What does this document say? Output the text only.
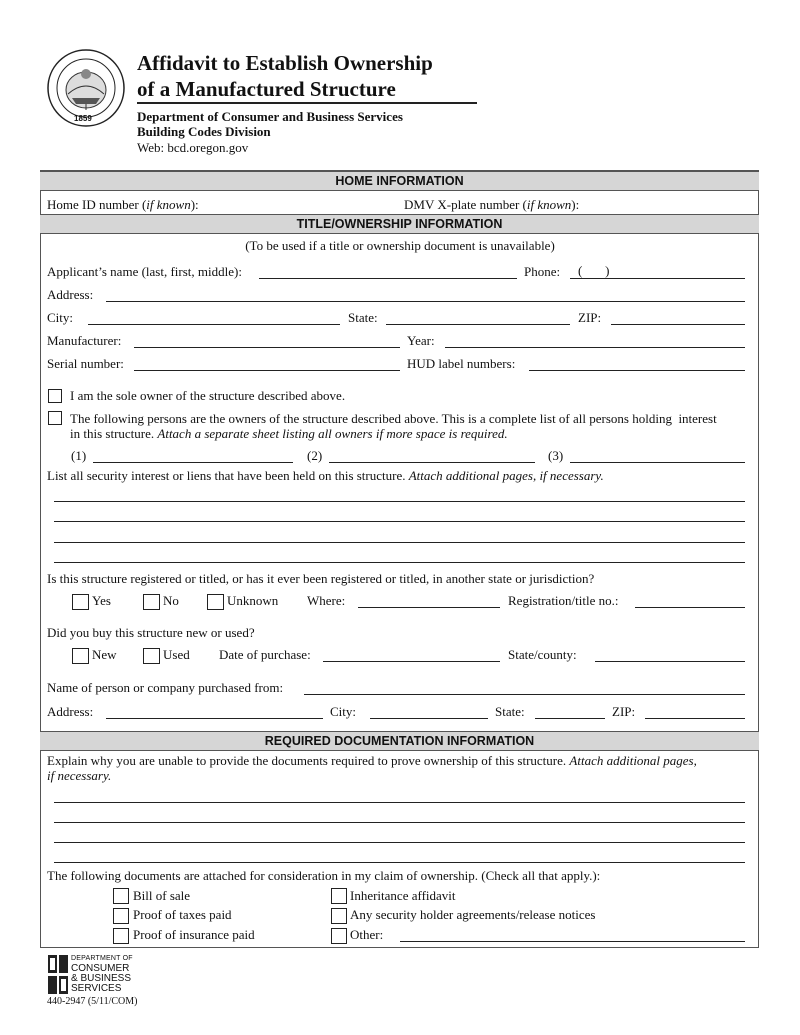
1859
Affidavit to Establish Ownership
of a Manufactured Structure
Department of Consumer and Business Services
Building Codes Division
Web: bcd.oregon.gov
HOME INFORMATION
Home ID number (if known):	DMV X-plate number (if known):
TITLE/OWNERSHIP INFORMATION
(To be used if a title or ownership document is unavailable)
Applicant’s name (last, first, middle):	Phone: (       )
Address:
City:	State:	ZIP:
Manufacturer:	Year:
Serial number:	HUD label numbers:
I am the sole owner of the structure described above.
The following persons are the owners of the structure described above. This is a complete list of all persons holding  interest
in this structure. Attach a separate sheet listing all owners if more space is required.
(1)	(2)	(3)
List all security interest or liens that have been held on this structure. Attach additional pages, if necessary.
Is this structure registered or titled, or has it ever been registered or titled, in another state or jurisdiction?
Yes	No	Unknown Where:	Registration/title no.:
Did you buy this structure new or used?
New	Used Date of purchase:	State/county:
Name of person or company purchased from:
Address:	City:	State:	ZIP:
REQUIRED DOCUMENTATION INFORMATION
Explain why you are unable to provide the documents required to prove ownership of this structure. Attach additional pages,
if necessary.
The following documents are attached for consideration in my claim of ownership. (Check all that apply.):
Bill of sale
Proof of taxes paid
Proof of insurance paid
Inheritance affidavit
Any security holder agreements/release notices
Other:
DEPARTMENT OF
CONSUMER
& BUSINESS
SERVICES
440-2947 (5/11/COM)
